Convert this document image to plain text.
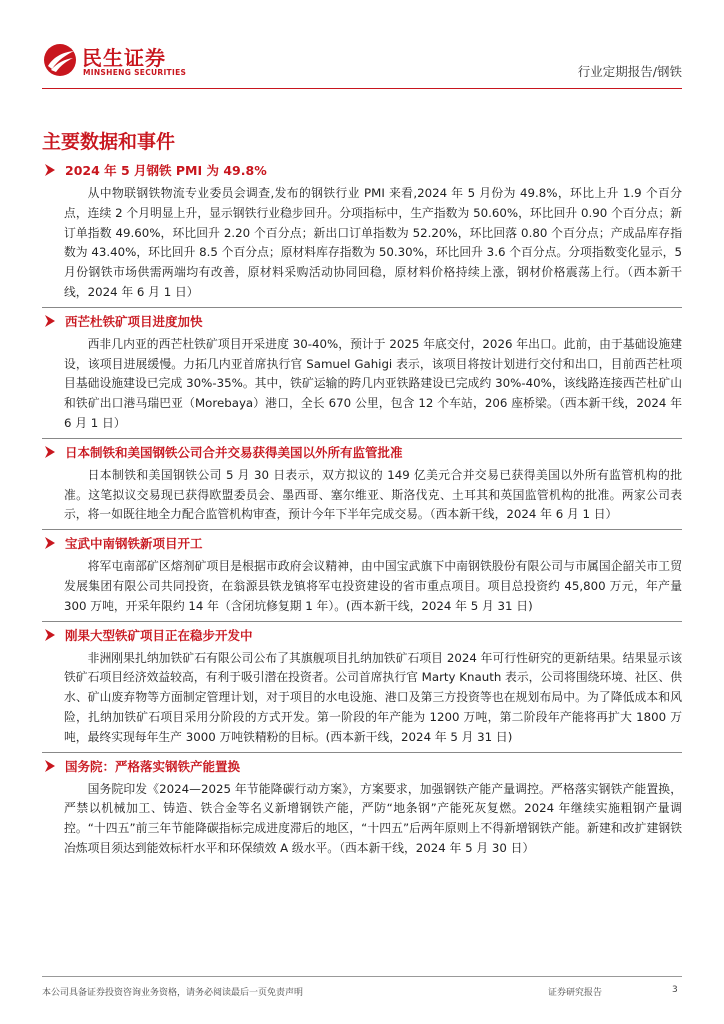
民生证券
MINSHENG SECURITIES	行业定期报告/钢铁
主要数据和事件
2024 年 5 月钢铁 PMI 为 49.8%
从中物联钢铁物流专业委员会调查,发布的钢铁行业 PMI 来看,2024 年 5 月份为 49.8%，环比上升 1.9 个百分点，连续 2 个月明显上升，显示钢铁行业稳步回升。分项指标中，生产指数为 50.60%，环比回升 0.90 个百分点；新订单指数 49.60%，环比回升 2.20 个百分点；新出口订单指数为 52.20%，环比回落 0.80 个百分点；产成品库存指数为 43.40%，环比回升 8.5 个百分点；原材料库存指数为 50.30%，环比回升 3.6 个百分点。分项指数变化显示，5 月份钢铁市场供需两端均有改善，原材料采购活动协同回稳，原材料价格持续上涨，钢材价格震荡上行。（西本新干线，2024 年 6 月 1 日）
西芒杜铁矿项目进度加快
西非几内亚的西芒杜铁矿项目开采进度 30-40%，预计于 2025 年底交付，2026 年出口。此前，由于基础设施建设，该项目进展缓慢。力拓几内亚首席执行官 Samuel Gahigi 表示，该项目将按计划进行交付和出口，目前西芒杜项目基础设施建设已完成 30%-35%。其中，铁矿运输的跨几内亚铁路建设已完成约 30%-40%，该线路连接西芒杜矿山和铁矿出口港马瑞巴亚（Morebaya）港口，全长 670 公里，包含 12 个车站，206 座桥梁。（西本新干线，2024 年 6 月 1 日）
日本制铁和美国钢铁公司合并交易获得美国以外所有监管批准
日本制铁和美国钢铁公司 5 月 30 日表示，双方拟议的 149 亿美元合并交易已获得美国以外所有监管机构的批准。这笔拟议交易现已获得欧盟委员会、墨西哥、塞尔维亚、斯洛伐克、土耳其和英国监管机构的批准。两家公司表示，将一如既往地全力配合监管机构审查，预计今年下半年完成交易。（西本新干线，2024 年 6 月 1 日）
宝武中南钢铁新项目开工
将军屯南部矿区熔剂矿项目是根据市政府会议精神，由中国宝武旗下中南钢铁股份有限公司与市属国企韶关市工贸发展集团有限公司共同投资，在翁源县铁龙镇将军屯投资建设的省市重点项目。项目总投资约 45,800 万元，年产量 300 万吨，开采年限约 14 年（含闭坑修复期 1 年）。(西本新干线，2024 年 5 月 31 日)
刚果大型铁矿项目正在稳步开发中
非洲刚果扎纳加铁矿石有限公司公布了其旗舰项目扎纳加铁矿石项目 2024 年可行性研究的更新结果。结果显示该铁矿石项目经济效益较高，有利于吸引潜在投资者。公司首席执行官 Marty Knauth 表示，公司将围绕环境、社区、供水、矿山废弃物等方面制定管理计划，对于项目的水电设施、港口及第三方投资等也在规划布局中。为了降低成本和风险，扎纳加铁矿石项目采用分阶段的方式开发。第一阶段的年产能为 1200 万吨，第二阶段年产能将再扩大 1800 万吨，最终实现每年生产 3000 万吨铁精粉的目标。(西本新干线，2024 年 5 月 31 日)
国务院：严格落实钢铁产能置换
国务院印发《2024—2025 年节能降碳行动方案》，方案要求，加强钢铁产能产量调控。严格落实钢铁产能置换，严禁以机械加工、铸造、铁合金等名义新增钢铁产能，严防“地条钢”产能死灰复燃。2024 年继续实施粗钢产量调控。“十四五”前三年节能降碳指标完成进度滞后的地区，“十四五”后两年原则上不得新增钢铁产能。新建和改扩建钢铁冶炼项目须达到能效标杆水平和环保绩效 A 级水平。（西本新干线，2024 年 5 月 30 日）
本公司具备证券投资咨询业务资格，请务必阅读最后一页免责声明	证券研究报告	3
